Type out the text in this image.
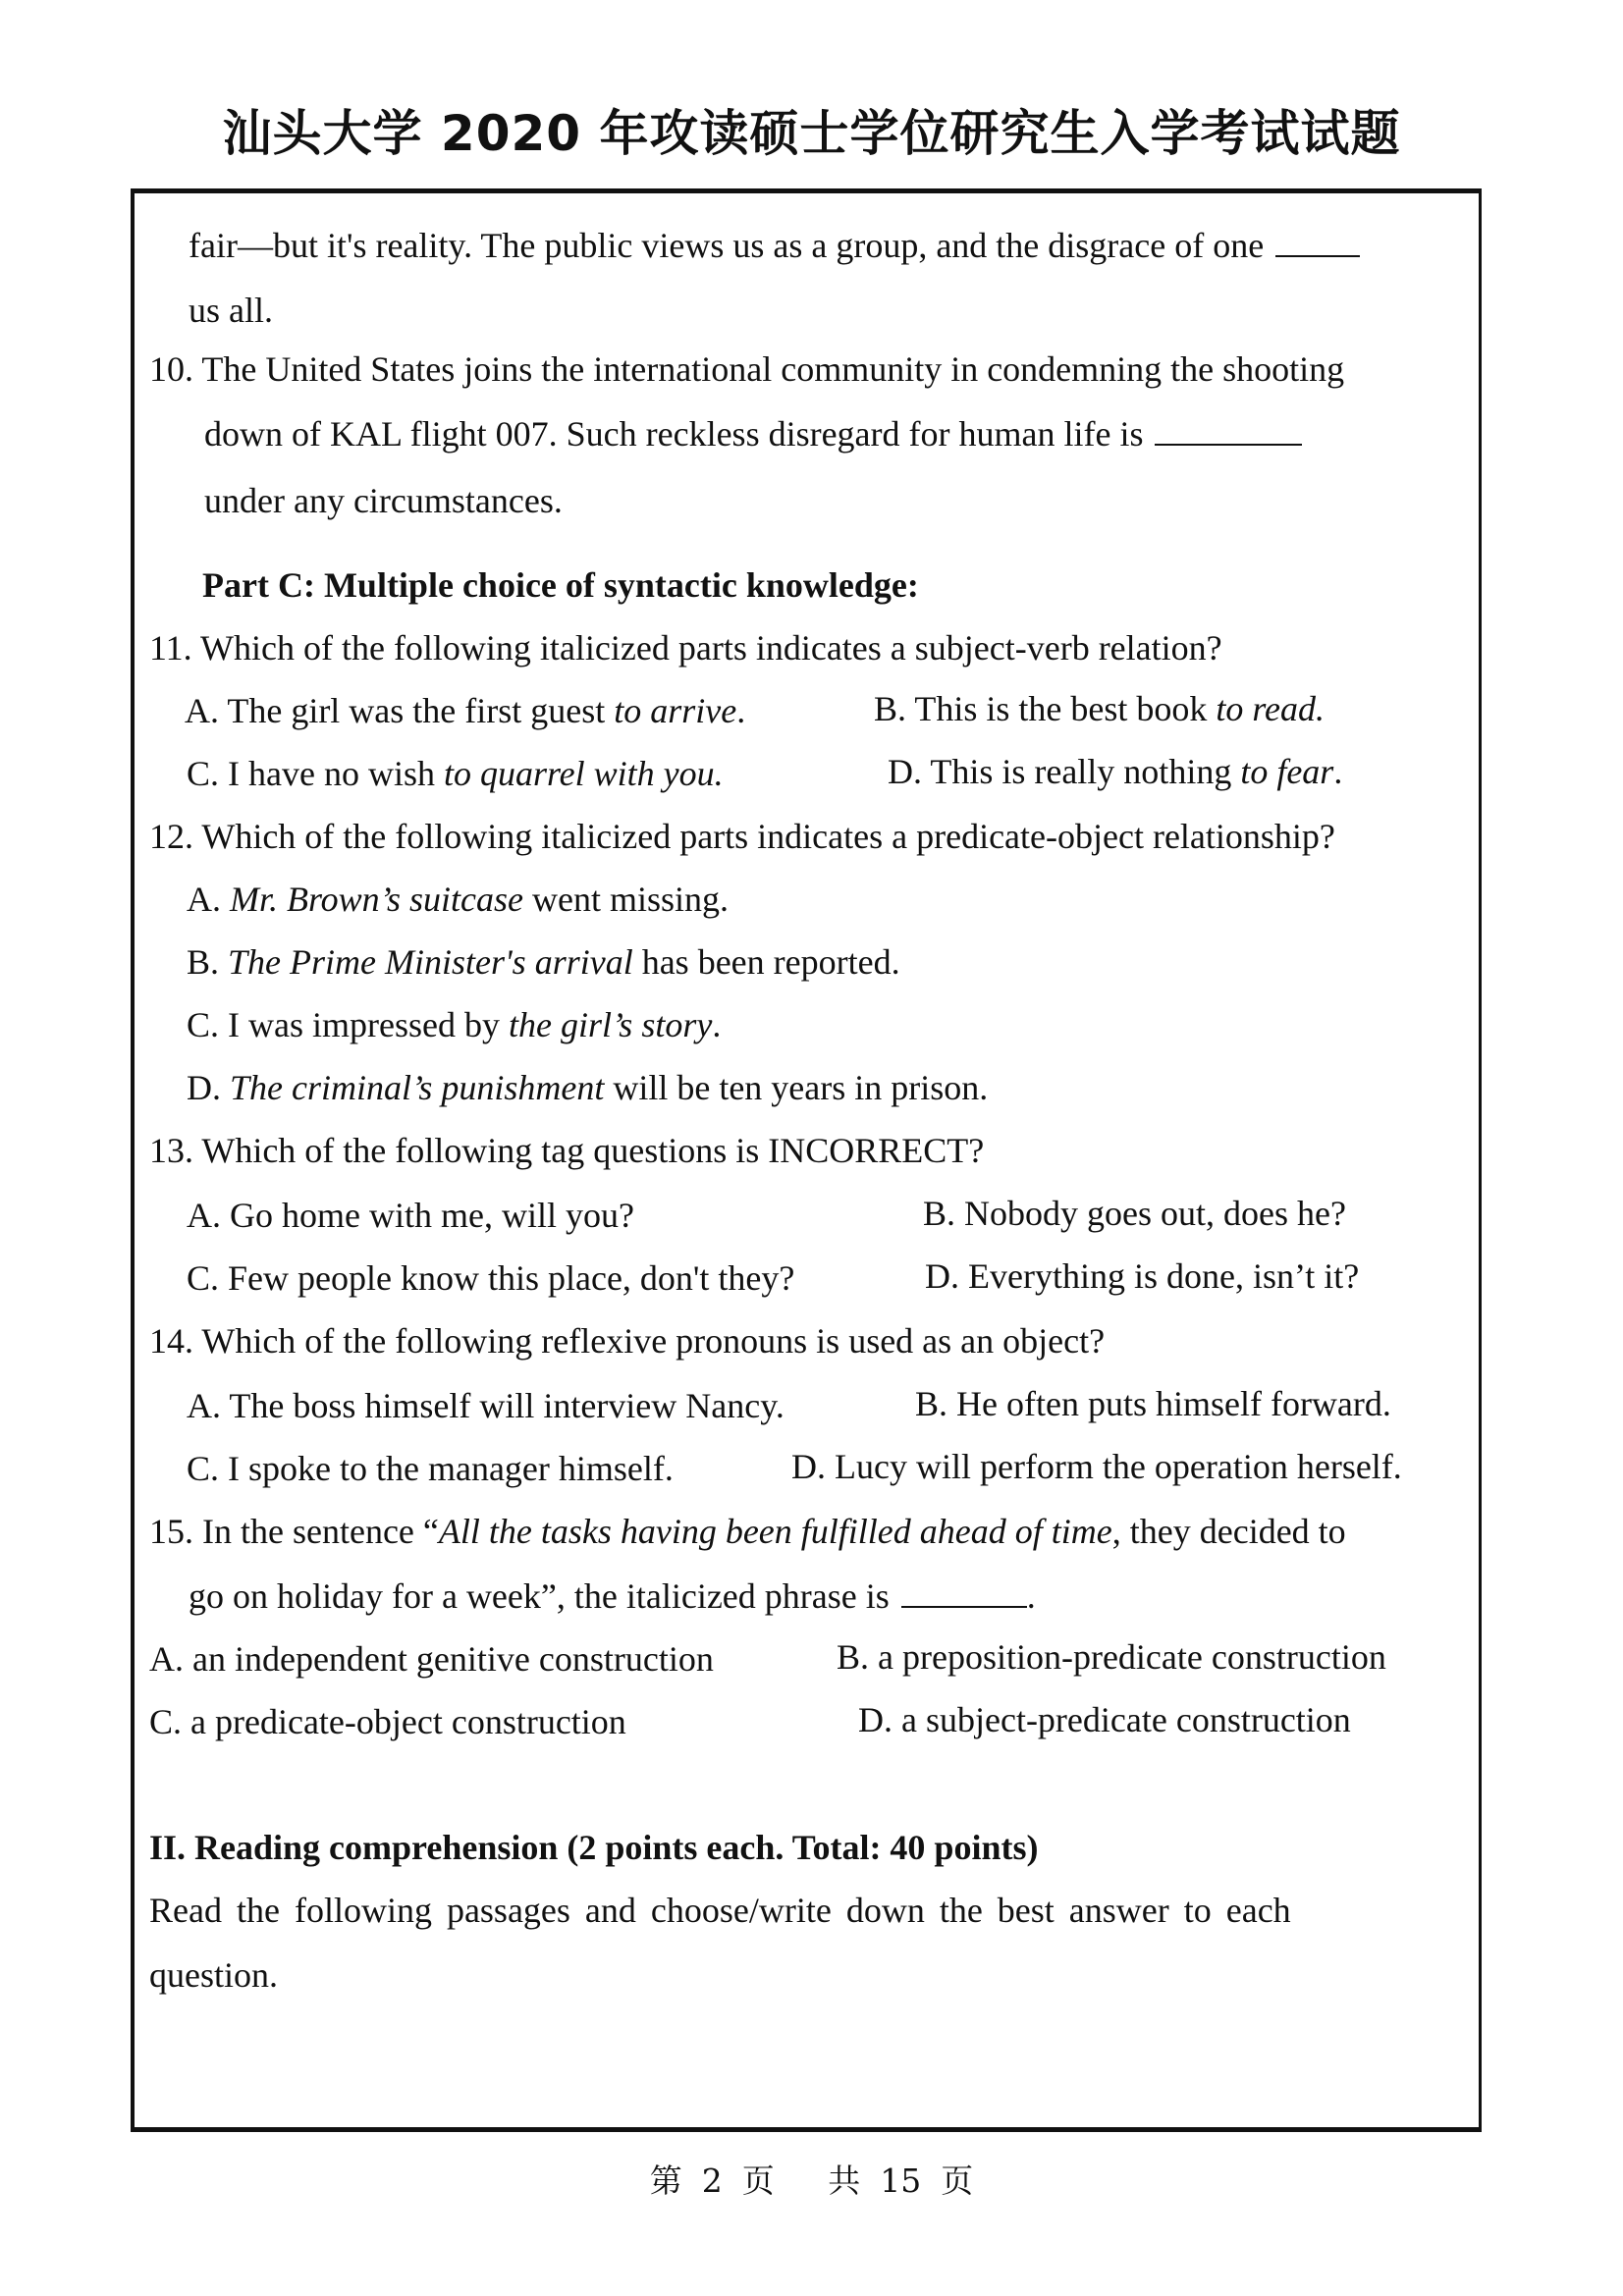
汕头大学 2020 年攻读硕士学位研究生入学考试试题
fair—but it's reality. The public views us as a group, and the disgrace of one
us all.
10. The United States joins the international community in condemning the shooting
down of KAL flight 007. Such reckless disregard for human life is
under any circumstances.
Part C: Multiple choice of syntactic knowledge:
11. Which of the following italicized parts indicates a subject-verb relation?
A. The girl was the first guest to arrive.	B. This is the best book to read.
C. I have no wish to quarrel with you.	D. This is really nothing to fear.
12. Which of the following italicized parts indicates a predicate-object relationship?
A. Mr. Brown’s suitcase went missing.
B. The Prime Minister's arrival has been reported.
C. I was impressed by the girl’s story.
D. The criminal’s punishment will be ten years in prison.
13. Which of the following tag questions is INCORRECT?
A. Go home with me, will you?	B. Nobody goes out, does he?
C. Few people know this place, don't they?	D. Everything is done, isn’t it?
14. Which of the following reflexive pronouns is used as an object?
A. The boss himself will interview Nancy.	B. He often puts himself forward.
C. I spoke to the manager himself.	D. Lucy will perform the operation herself.
15. In the sentence “All the tasks having been fulfilled ahead of time, they decided to
go on holiday for a week”, the italicized phrase is	.
A. an independent genitive construction	B. a preposition-predicate construction
C. a predicate-object construction	D. a subject-predicate construction
II. Reading comprehension (2 points each. Total: 40 points)
Read the following passages and choose/write down the best answer to each
question.
第 2 页 共 15 页
